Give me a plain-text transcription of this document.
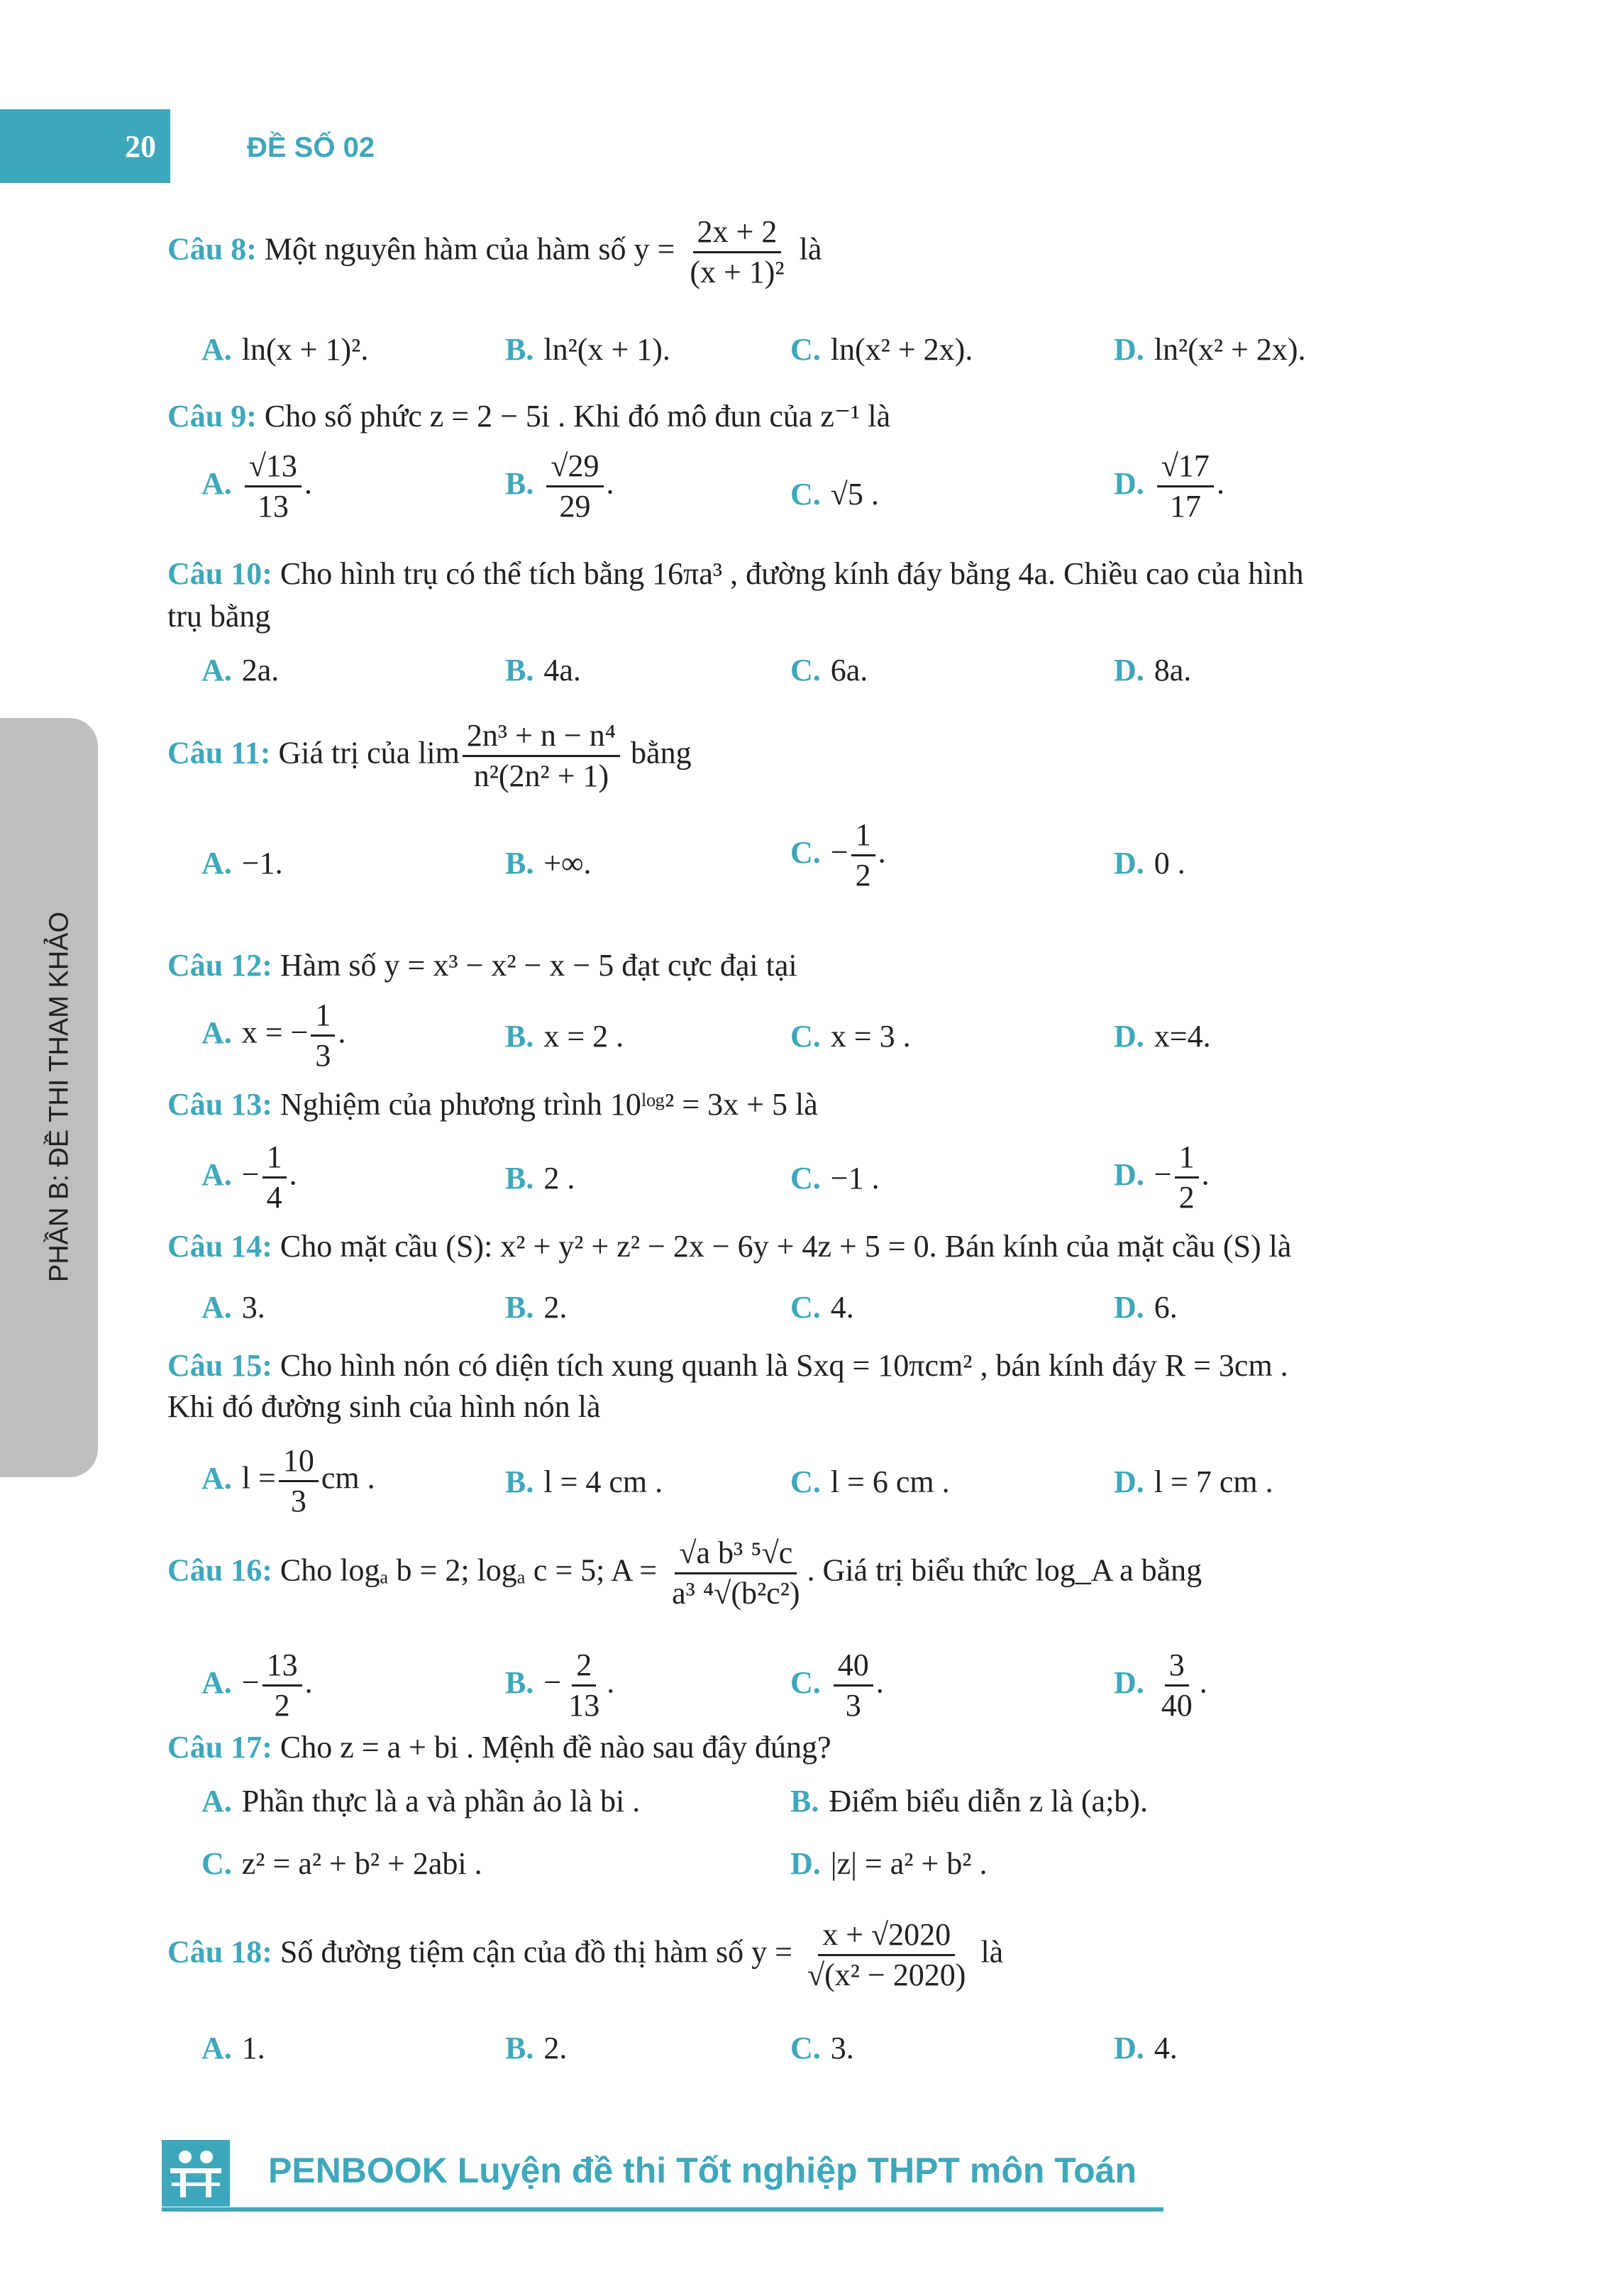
20	ĐỀ SỐ 02
PHẦN B: ĐỀ THI THAM KHẢO
Câu 8: Một nguyên hàm của hàm số $y = \frac{2x + 2}{\text{(x + 1)²}}$ là
A. ln(x + 1)².	B. ln²(x + 1).	C. ln(x² + 2x).	D. ln²(x² + 2x).
Câu 9: Cho số phức z = 2 − 5i . Khi đó mô đun của z⁻¹ là
A. $\frac{√13}{13}$ .	B. $\frac{√29}{29}$ .	C. √5 .	D. $\frac{√17}{17}$ .
Câu 10: Cho hình trụ có thể tích bằng 16πa³ , đường kính đáy bằng 4a. Chiều cao của hình
trụ bằng
A. 2a.	B. 4a.	C. 6a.	D. 8a.
Câu 11: Giá trị của $\lim \frac{\text{2n³ + n − n⁴}}{\text{n²(2n² + 1)}}$ bằng
A. −1.	B. +∞.	C. − $\frac{1}{2}$ .	D. 0 .
Câu 12: Hàm số y = x³ − x² − x − 5 đạt cực đại tại
A. x = − $\frac{1}{3}$ .	B. x = 2 .	C. x = 3 .	D. x=4.
Câu 13: Nghiệm của phương trình 10ˡᵒᵍ² = 3x + 5 là
A. − $\frac{1}{4}$ .	B. 2 .	C. −1 .	D. − $\frac{1}{2}$ .
Câu 14: Cho mặt cầu (S): x² + y² + z² − 2x − 6y + 4z + 5 = 0. Bán kính của mặt cầu (S) là
A. 3.	B. 2.	C. 4.	D. 6.
Câu 15: Cho hình nón có diện tích xung quanh là Sxq = 10πcm² , bán kính đáy R = 3cm .
Khi đó đường sinh của hình nón là
A. $l = \frac{10}{3}$ cm .	B. l = 4 cm .	C. l = 6 cm .	D. l = 7 cm .
Câu 16: Cho logₐ b = 2; logₐ c = 5; $A = \frac{\text{√a b³ ⁵√c}}{\text{a³ ⁴√(b²c²)}}$ . Giá trị biểu thức log_A a bằng
A. − $\frac{13}{2}$ .	B. − $\frac{2}{13}$ .	C. $\frac{40}{3}$ .	D. $\frac{3}{40}$ .
Câu 17: Cho z = a + bi . Mệnh đề nào sau đây đúng?
A. Phần thực là a và phần ảo là bi .	B. Điểm biểu diễn z là (a;b).
C. z² = a² + b² + 2abi .	D. |z| = a² + b² .
Câu 18: Số đường tiệm cận của đồ thị hàm số $y = \frac{x + √2020}{\text{√(x² − 2020)}}$ là
A. 1.	B. 2.	C. 3.	D. 4.
PENBOOK Luyện đề thi Tốt nghiệp THPT môn Toán
